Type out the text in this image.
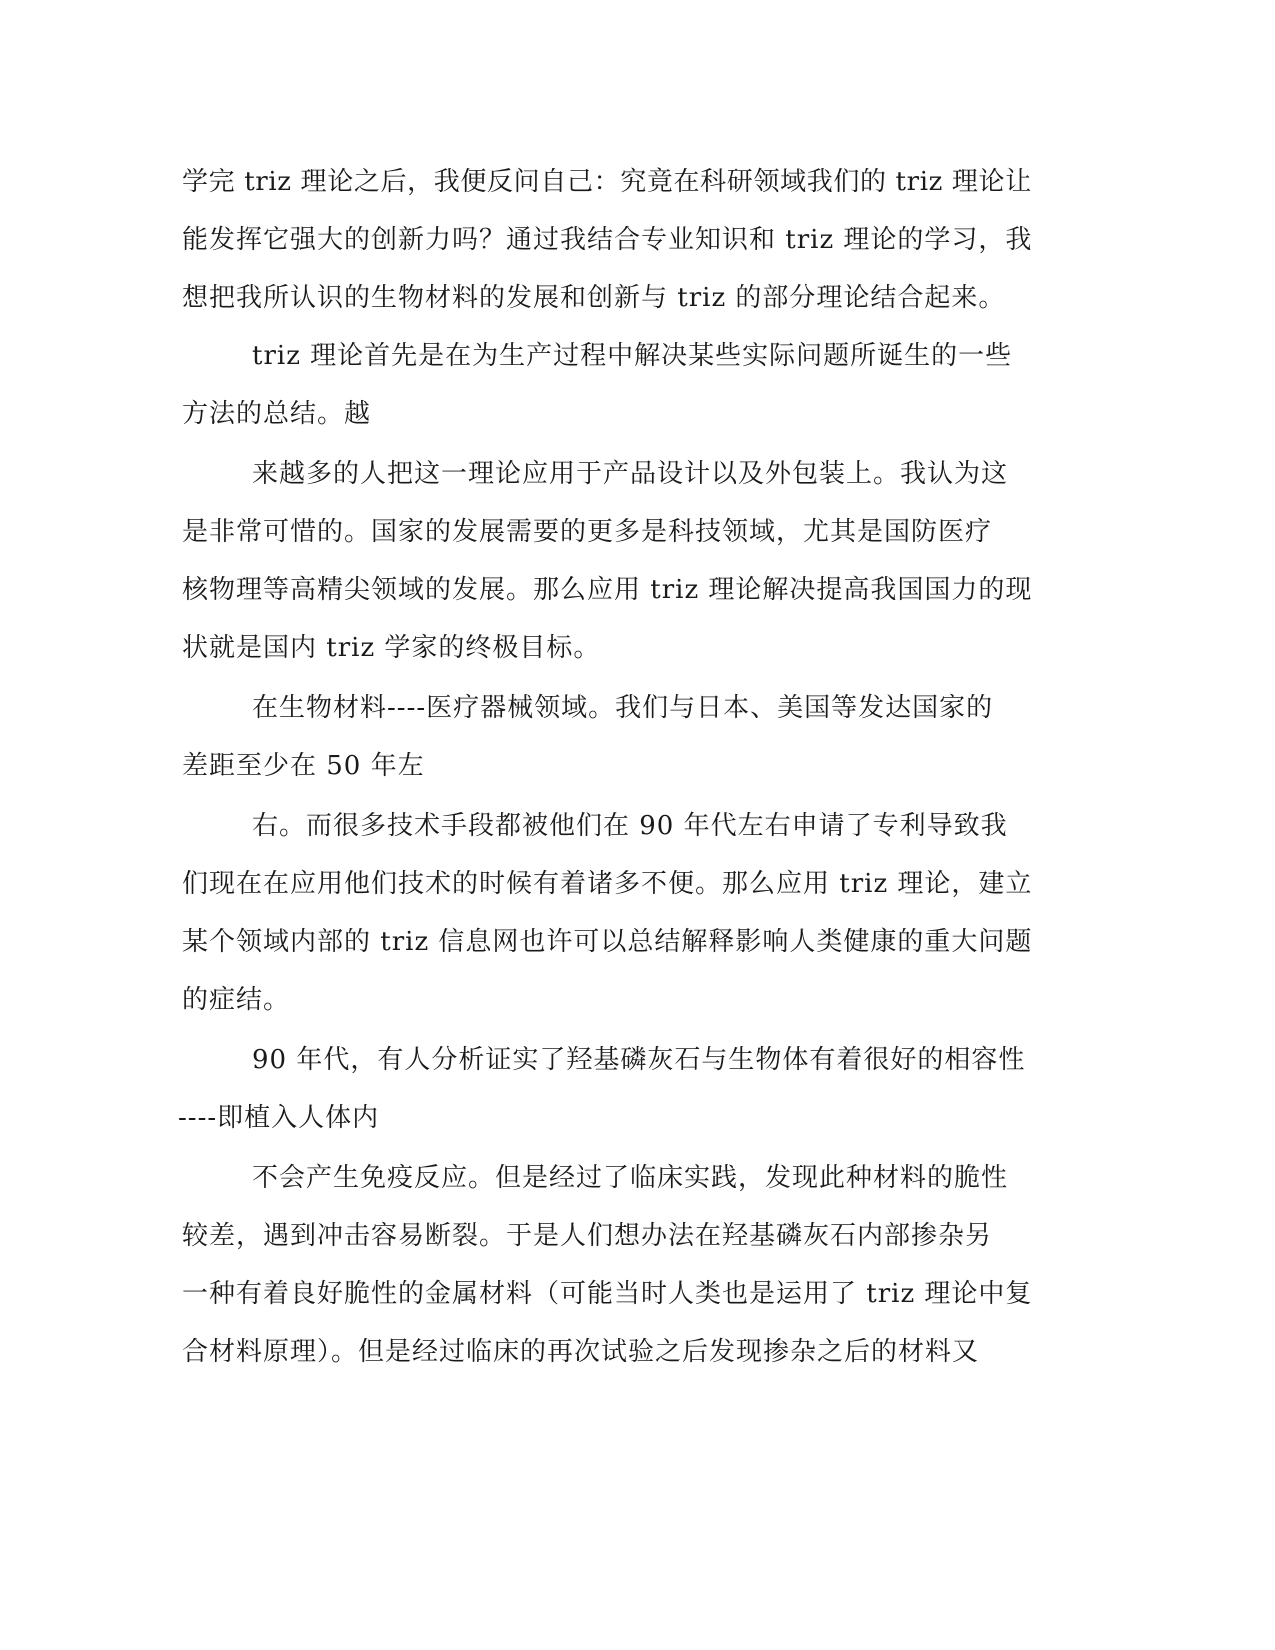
学完 triz 理论之后，我便反问自己：究竟在科研领域我们的 triz 理论让
能发挥它强大的创新力吗？通过我结合专业知识和 triz 理论的学习，我
想把我所认识的生物材料的发展和创新与 triz 的部分理论结合起来。
triz 理论首先是在为生产过程中解决某些实际问题所诞生的一些
方法的总结。越
来越多的人把这一理论应用于产品设计以及外包装上。我认为这
是非常可惜的。国家的发展需要的更多是科技领域，尤其是国防医疗
核物理等高精尖领域的发展。那么应用 triz 理论解决提高我国国力的现
状就是国内 triz 学家的终极目标。
在生物材料----医疗器械领域。我们与日本、美国等发达国家的
差距至少在 50 年左
右。而很多技术手段都被他们在 90 年代左右申请了专利导致我
们现在在应用他们技术的时候有着诸多不便。那么应用 triz 理论，建立
某个领域内部的 triz 信息网也许可以总结解释影响人类健康的重大问题
的症结。
90 年代，有人分析证实了羟基磷灰石与生物体有着很好的相容性
----即植入人体内
不会产生免疫反应。但是经过了临床实践，发现此种材料的脆性
较差，遇到冲击容易断裂。于是人们想办法在羟基磷灰石内部掺杂另
一种有着良好脆性的金属材料（可能当时人类也是运用了 triz 理论中复
合材料原理）。但是经过临床的再次试验之后发现掺杂之后的材料又
